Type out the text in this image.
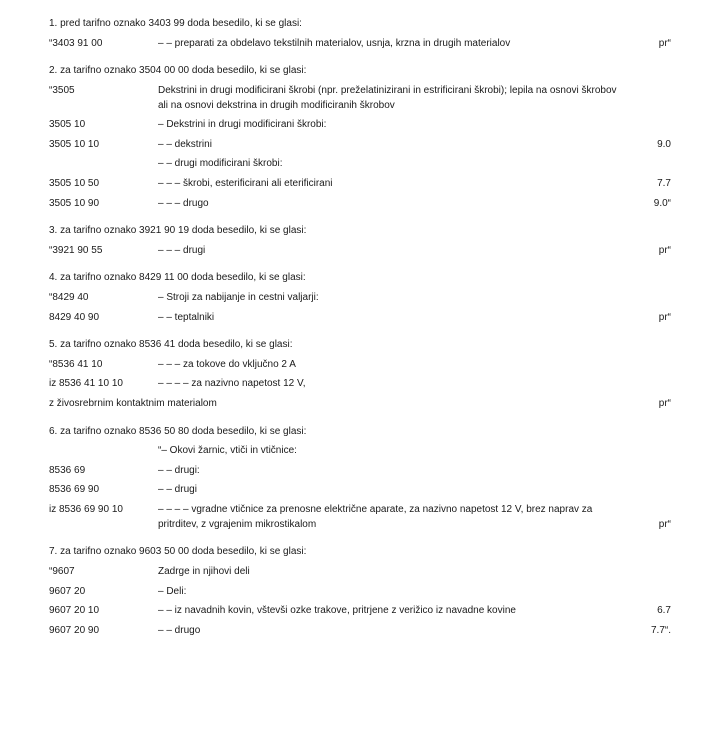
1. pred tarifno oznako 3403 99 doda besedilo, ki se glasi:
“3403 91 00	– – preparati za obdelavo tekstilnih materialov, usnja, krzna in drugih materialov	pr“
2. za tarifno oznako 3504 00 00 doda besedilo, ki se glasi:
“3505	Dekstrini in drugi modificirani škrobi (npr. preželatinizirani in estrificirani škrobi); lepila na osnovi škrobov ali na osnovi dekstrina in drugih modificiranih škrobov
3505 10	– Dekstrini in drugi modificirani škrobi:
3505 10 10	– – dekstrini	9.0
– – drugi modificirani škrobi:
3505 10 50	– – – škrobi, esterificirani ali eterificirani	7.7
3505 10 90	– – – drugo	9.0“
3. za tarifno oznako 3921 90 19 doda besedilo, ki se glasi:
“3921 90 55	– – – drugi	pr“
4. za tarifno oznako 8429 11 00 doda besedilo, ki se glasi:
“8429 40	– Stroji za nabijanje in cestni valjarji:
8429 40 90	– – teptalniki	pr“
5. za tarifno oznako 8536 41 doda besedilo, ki se glasi:
“8536 41 10	– – – za tokove do vključno 2 A
iz 8536 41 10 10	– – – – za nazivno napetost 12 V,
z živosrebrnim kontaktnim materialom	pr“
6. za tarifno oznako 8536 50 80 doda besedilo, ki se glasi:
“– Okovi žarnic, vtiči in vtičnice:
8536 69	– – drugi:
8536 69 90	– – drugi
iz 8536 69 90 10	– – – – vgradne vtičnice za prenosne električne aparate, za nazivno napetost 12 V, brez naprav za pritrditev, z vgrajenim mikrostikalom	pr“
7. za tarifno oznako 9603 50 00 doda besedilo, ki se glasi:
“9607	Zadrge in njihovi deli
9607 20	– Deli:
9607 20 10	– – iz navadnih kovin, vštevši ozke trakove, pritrjene z verižico iz navadne kovine	6.7
9607 20 90	– – drugo	7.7“.
